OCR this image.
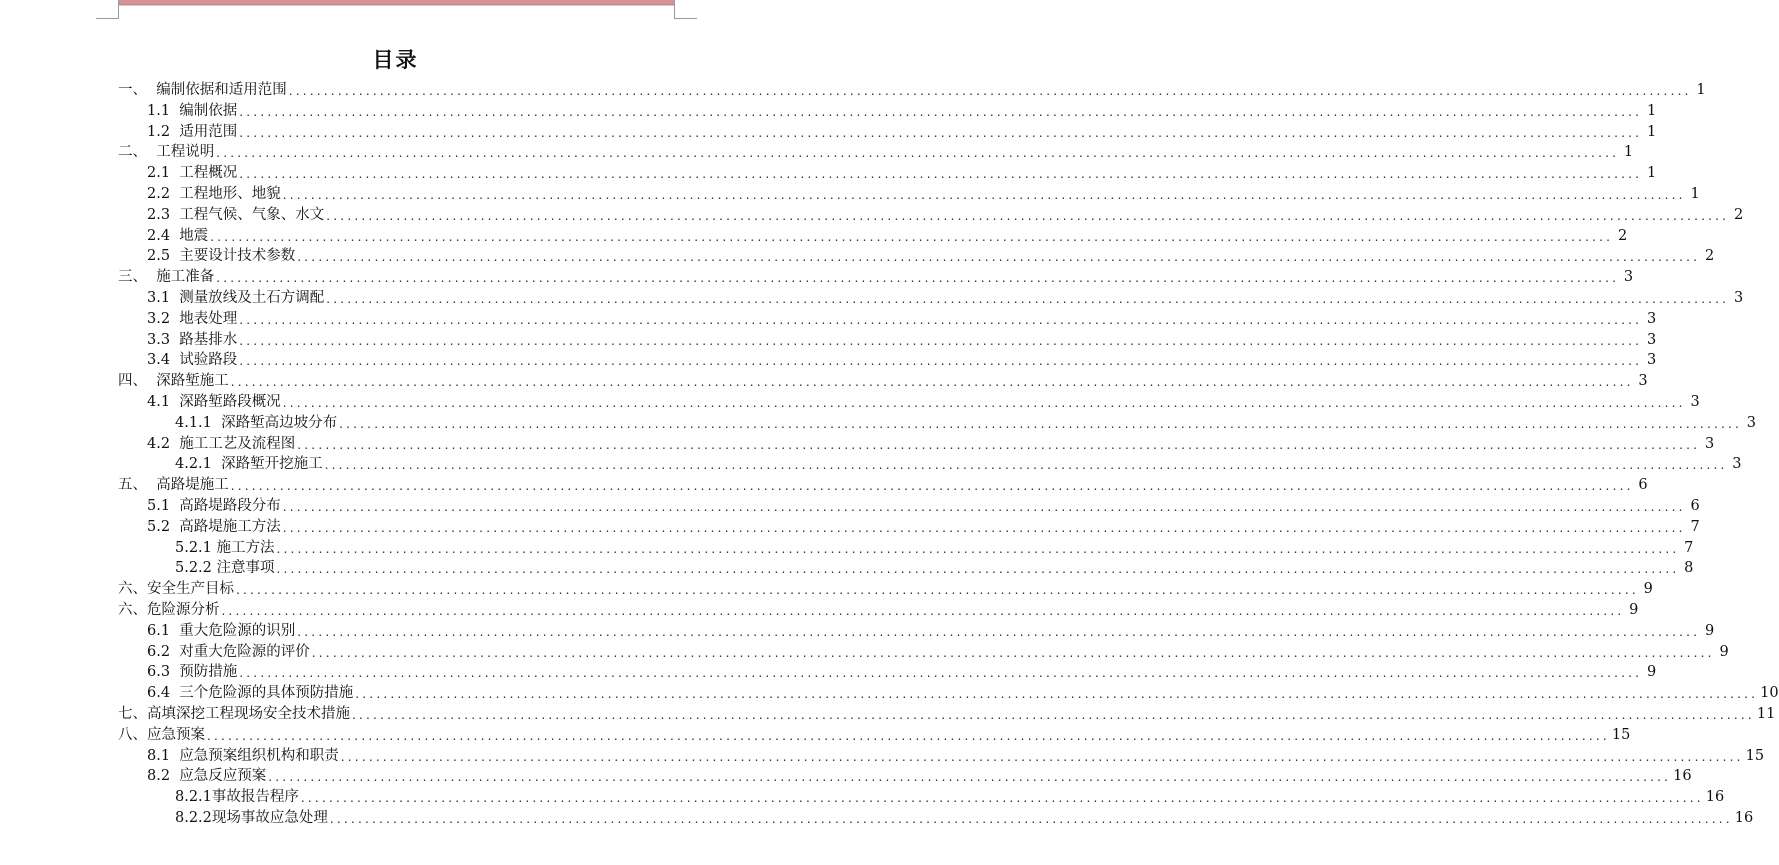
目录
一、  编制依据和适用范围 ........................................................................................................................................................................................................ 1
1.1  编制依据 ........................................................................................................................................................................................................ 1
1.2  适用范围 ........................................................................................................................................................................................................ 1
二、  工程说明 ........................................................................................................................................................................................................ 1
2.1  工程概况 ........................................................................................................................................................................................................ 1
2.2  工程地形、地貌 ........................................................................................................................................................................................................ 1
2.3  工程气候、气象、水文 ........................................................................................................................................................................................................ 2
2.4  地震 ........................................................................................................................................................................................................ 2
2.5  主要设计技术参数 ........................................................................................................................................................................................................ 2
三、  施工准备 ........................................................................................................................................................................................................ 3
3.1  测量放线及土石方调配 ........................................................................................................................................................................................................ 3
3.2  地表处理 ........................................................................................................................................................................................................ 3
3.3  路基排水 ........................................................................................................................................................................................................ 3
3.4  试验路段 ........................................................................................................................................................................................................ 3
四、  深路堑施工 ........................................................................................................................................................................................................ 3
4.1  深路堑路段概况 ........................................................................................................................................................................................................ 3
4.1.1  深路堑高边坡分布 ........................................................................................................................................................................................................ 3
4.2  施工工艺及流程图 ........................................................................................................................................................................................................ 3
4.2.1  深路堑开挖施工 ........................................................................................................................................................................................................ 3
五、  高路堤施工 ........................................................................................................................................................................................................ 6
5.1  高路堤路段分布 ........................................................................................................................................................................................................ 6
5.2  高路堤施工方法 ........................................................................................................................................................................................................ 7
5.2.1 施工方法 ........................................................................................................................................................................................................ 7
5.2.2 注意事项 ........................................................................................................................................................................................................ 8
六、安全生产目标 ........................................................................................................................................................................................................ 9
六、危险源分析 ........................................................................................................................................................................................................ 9
6.1  重大危险源的识别 ........................................................................................................................................................................................................ 9
6.2  对重大危险源的评价 ........................................................................................................................................................................................................ 9
6.3  预防措施 ........................................................................................................................................................................................................ 9
6.4  三个危险源的具体预防措施 ........................................................................................................................................................................................................ 10
七、高填深挖工程现场安全技术措施 ........................................................................................................................................................................................................ 11
八、应急预案 ........................................................................................................................................................................................................ 15
8.1  应急预案组织机构和职责 ........................................................................................................................................................................................................ 15
8.2  应急反应预案 ........................................................................................................................................................................................................ 16
8.2.1事故报告程序 ........................................................................................................................................................................................................ 16
8.2.2现场事故应急处理 ........................................................................................................................................................................................................ 16
